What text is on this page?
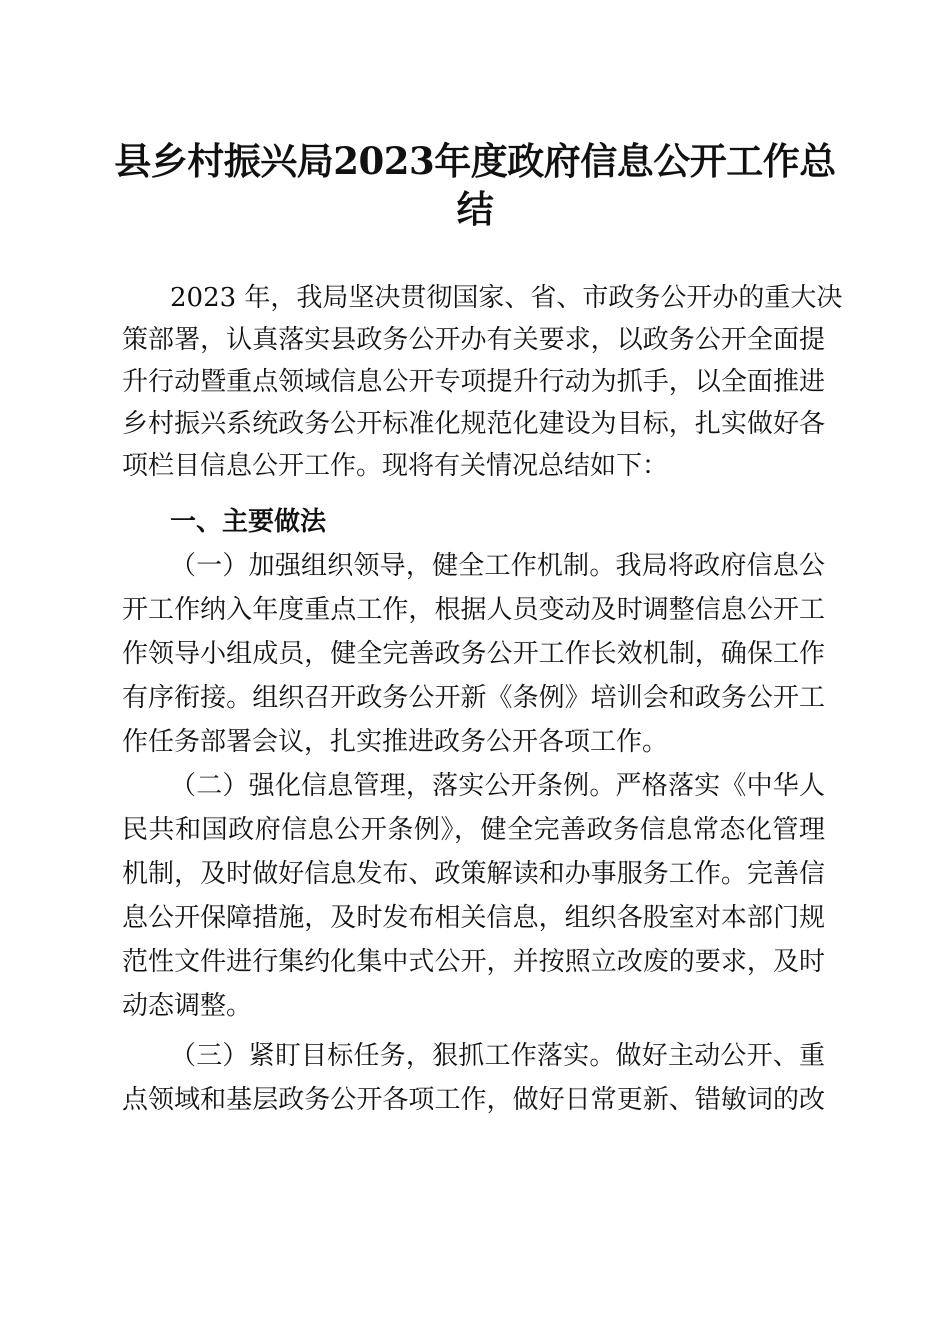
县乡村振兴局2023年度政府信息公开工作总
结
2023 年，我局坚决贯彻国家、省、市政务公开办的重大决
策部署，认真落实县政务公开办有关要求，以政务公开全面提
升行动暨重点领域信息公开专项提升行动为抓手，以全面推进
乡村振兴系统政务公开标准化规范化建设为目标，扎实做好各
项栏目信息公开工作。现将有关情况总结如下：
一、主要做法
（一）加强组织领导，健全工作机制。我局将政府信息公
开工作纳入年度重点工作，根据人员变动及时调整信息公开工
作领导小组成员，健全完善政务公开工作长效机制，确保工作
有序衔接。组织召开政务公开新《条例》培训会和政务公开工
作任务部署会议，扎实推进政务公开各项工作。
（二）强化信息管理，落实公开条例。严格落实《中华人
民共和国政府信息公开条例》，健全完善政务信息常态化管理
机制，及时做好信息发布、政策解读和办事服务工作。完善信
息公开保障措施，及时发布相关信息，组织各股室对本部门规
范性文件进行集约化集中式公开，并按照立改废的要求，及时
动态调整。
（三）紧盯目标任务，狠抓工作落实。做好主动公开、重
点领域和基层政务公开各项工作，做好日常更新、错敏词的改
